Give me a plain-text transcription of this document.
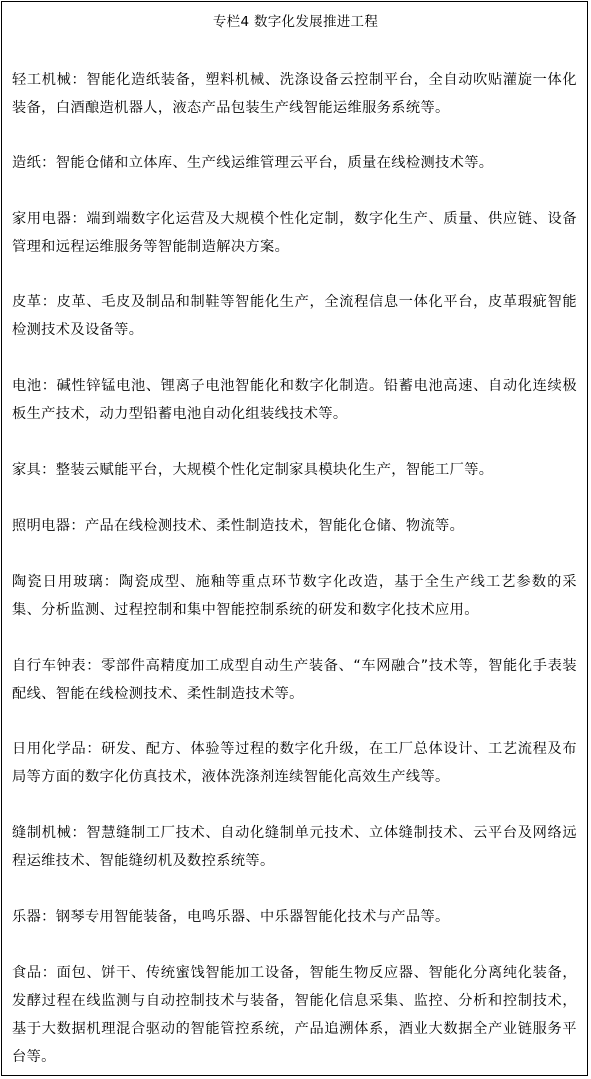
专栏4 数字化发展推进工程
轻工机械：智能化造纸装备，塑料机械、洗涤设备云控制平台，全自动吹贴灌旋一体化装备，白酒酿造机器人，液态产品包装生产线智能运维服务系统等。
造纸：智能仓储和立体库、生产线运维管理云平台，质量在线检测技术等。
家用电器：端到端数字化运营及大规模个性化定制，数字化生产、质量、供应链、设备管理和远程运维服务等智能制造解决方案。
皮革：皮革、毛皮及制品和制鞋等智能化生产，全流程信息一体化平台，皮革瑕疵智能检测技术及设备等。
电池：碱性锌锰电池、锂离子电池智能化和数字化制造。铅蓄电池高速、自动化连续极板生产技术，动力型铅蓄电池自动化组装线技术等。
家具：整装云赋能平台，大规模个性化定制家具模块化生产，智能工厂等。
照明电器：产品在线检测技术、柔性制造技术，智能化仓储、物流等。
陶瓷日用玻璃：陶瓷成型、施釉等重点环节数字化改造，基于全生产线工艺参数的采集、分析监测、过程控制和集中智能控制系统的研发和数字化技术应用。
自行车钟表：零部件高精度加工成型自动生产装备、“车网融合”技术等，智能化手表装配线、智能在线检测技术、柔性制造技术等。
日用化学品：研发、配方、体验等过程的数字化升级，在工厂总体设计、工艺流程及布局等方面的数字化仿真技术，液体洗涤剂连续智能化高效生产线等。
缝制机械：智慧缝制工厂技术、自动化缝制单元技术、立体缝制技术、云平台及网络远程运维技术、智能缝纫机及数控系统等。
乐器：钢琴专用智能装备，电鸣乐器、中乐器智能化技术与产品等。
食品：面包、饼干、传统蜜饯智能加工设备，智能生物反应器、智能化分离纯化装备，发酵过程在线监测与自动控制技术与装备，智能化信息采集、监控、分析和控制技术，基于大数据机理混合驱动的智能管控系统，产品追溯体系，酒业大数据全产业链服务平台等。
